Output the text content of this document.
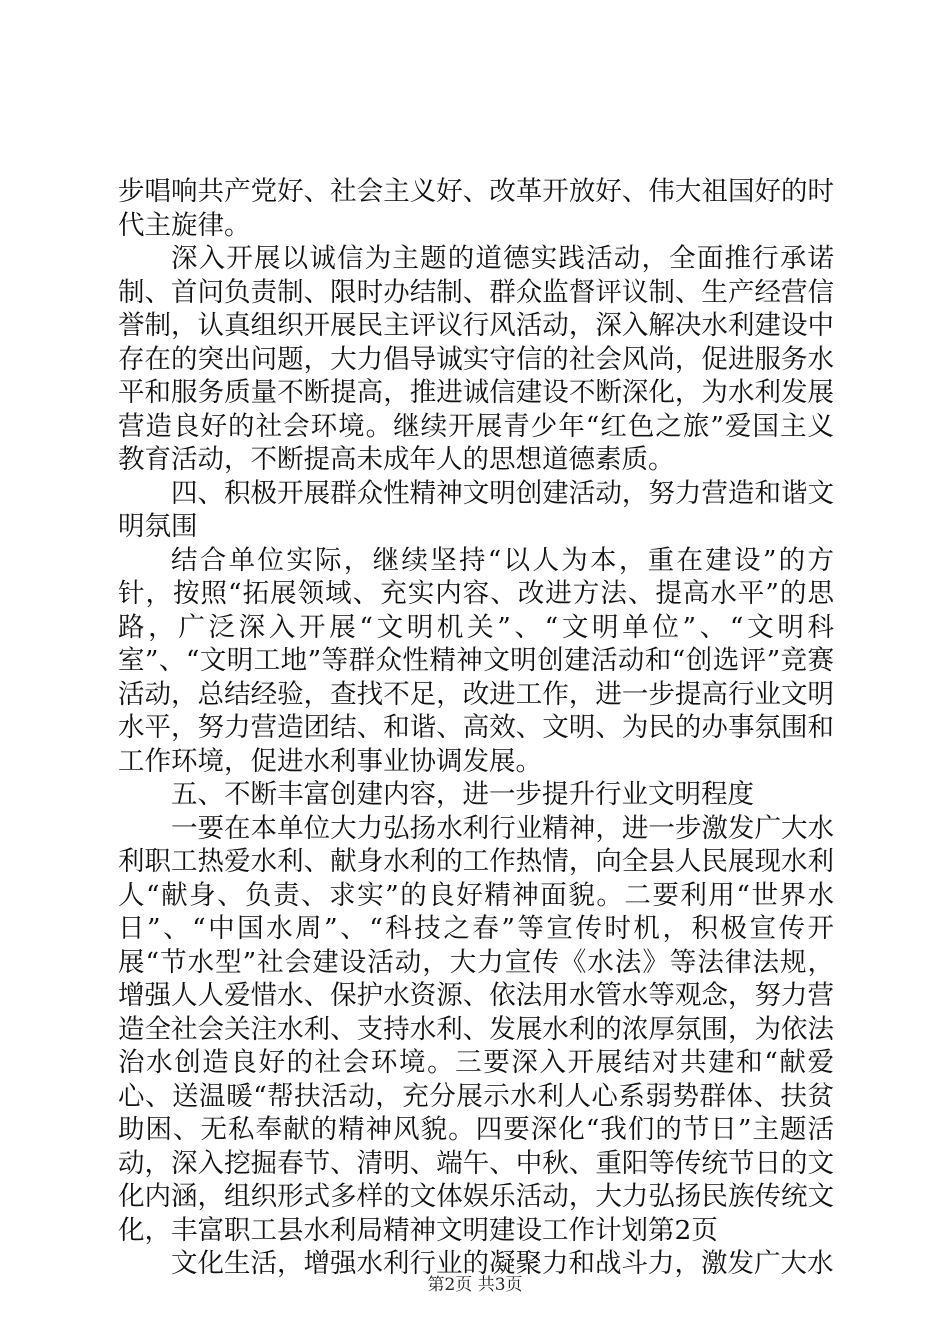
步唱响共产党好、社会主义好、改革开放好、伟大祖国好的时代主旋律。

深入开展以诚信为主题的道德实践活动，全面推行承诺制、首问负责制、限时办结制、群众监督评议制、生产经营信誉制，认真组织开展民主评议行风活动，深入解决水利建设中存在的突出问题，大力倡导诚实守信的社会风尚，促进服务水平和服务质量不断提高，推进诚信建设不断深化，为水利发展营造良好的社会环境。继续开展青少年“红色之旅”爱国主义教育活动，不断提高未成年人的思想道德素质。

四、积极开展群众性精神文明创建活动，努力营造和谐文明氛围

结合单位实际，继续坚持“以人为本，重在建设”的方针，按照“拓展领域、充实内容、改进方法、提高水平”的思路，广泛深入开展“文明机关”、“文明单位”、“文明科室”、“文明工地”等群众性精神文明创建活动和“创选评”竞赛活动，总结经验，查找不足，改进工作，进一步提高行业文明水平，努力营造团结、和谐、高效、文明、为民的办事氛围和工作环境，促进水利事业协调发展。

五、不断丰富创建内容，进一步提升行业文明程度

一要在本单位大力弘扬水利行业精神，进一步激发广大水利职工热爱水利、献身水利的工作热情，向全县人民展现水利人“献身、负责、求实”的良好精神面貌。二要利用“世界水日”、“中国水周”、“科技之春”等宣传时机，积极宣传开展“节水型”社会建设活动，大力宣传《水法》等法律法规，增强人人爱惜水、保护水资源、依法用水管水等观念，努力营造全社会关注水利、支持水利、发展水利的浓厚氛围，为依法治水创造良好的社会环境。三要深入开展结对共建和“献爱心、送温暖“帮扶活动，充分展示水利人心系弱势群体、扶贫助困、无私奉献的精神风貌。四要深化“我们的节日”主题活动，深入挖掘春节、清明、端午、中秋、重阳等传统节日的文化内涵，组织形式多样的文体娱乐活动，大力弘扬民族传统文化，丰富职工县水利局精神文明建设工作计划第2页

文化生活，增强水利行业的凝聚力和战斗力，激发广大水

第2页 共3页
